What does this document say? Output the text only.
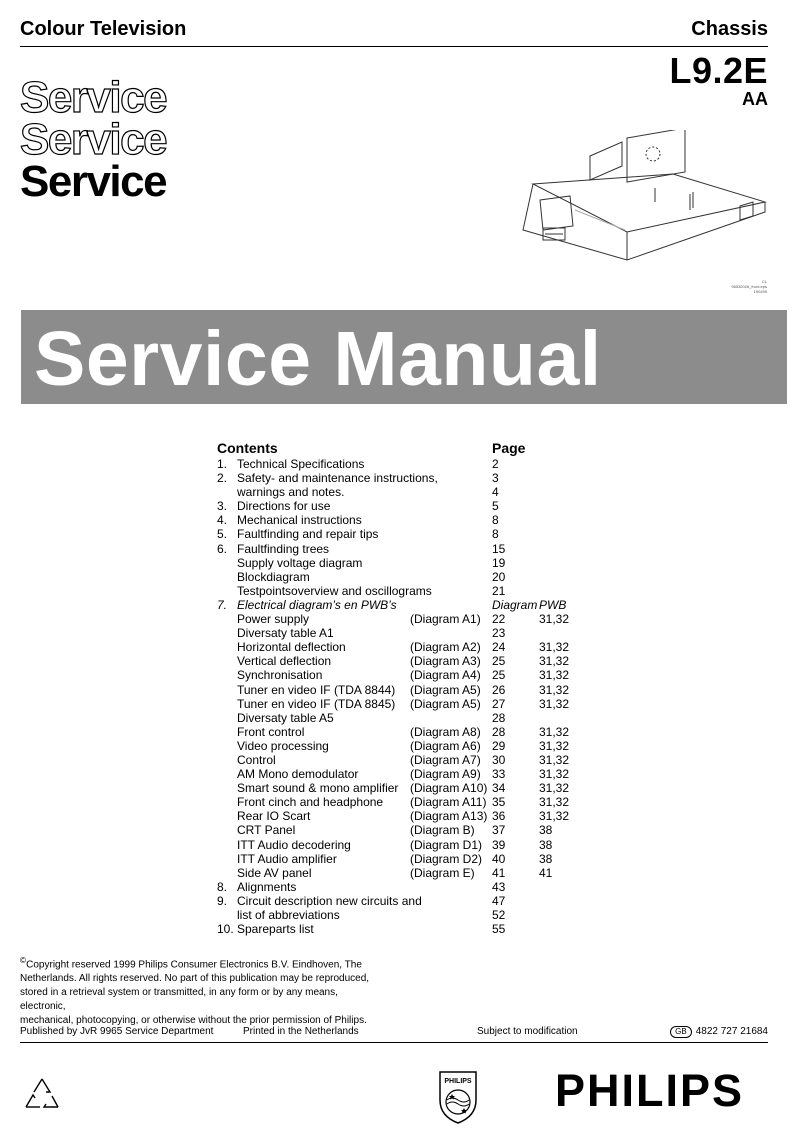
Colour Television	Chassis
L9.2E
AA
Service
Service
Service
CL 96532026_front.eps 190499
Service Manual
Contents	Page
1. Technical Specifications	2
2. Safety- and maintenance instructions,	3
warnings and notes.	4
3. Directions for use	5
4. Mechanical instructions	8
5. Faultfinding and repair tips	8
6. Faultfinding trees	15
Supply voltage diagram	19
Blockdiagram	20
Testpointsoverview and oscillograms	21
7. Electrical diagram’s en PWB’s	Diagram PWB
Power supply	(Diagram A1) 22	31,32
Diversaty table A1	23
Horizontal deflection	(Diagram A2) 24	31,32
Vertical deflection	(Diagram A3) 25	31,32
Synchronisation	(Diagram A4) 25	31,32
Tuner en video IF (TDA 8844) (Diagram A5) 26	31,32
Tuner en video IF (TDA 8845) (Diagram A5) 27	31,32
Diversaty table A5	28
Front control	(Diagram A8) 28	31,32
Video processing	(Diagram A6) 29	31,32
Control	(Diagram A7) 30	31,32
AM Mono demodulator	(Diagram A9) 33	31,32
Smart sound & mono amplifier (Diagram A10) 34	31,32
Front cinch and headphone (Diagram A11) 35	31,32
Rear IO Scart	(Diagram A13) 36	31,32
CRT Panel	(Diagram B) 37	38
ITT Audio decodering	(Diagram D1) 39	38
ITT Audio amplifier	(Diagram D2) 40	38
Side AV panel	(Diagram E) 41	41
8. Alignments	43
9. Circuit description new circuits and	47
list of abbreviations	52
10. Spareparts list	55
©Copyright reserved 1999 Philips Consumer Electronics B.V. Eindhoven, The
Netherlands. All rights reserved. No part of this publication may be reproduced,
stored in a retrieval system or transmitted, in any form or by any means, electronic,
mechanical, photocopying, or otherwise without the prior permission of Philips.
Published by JvR 9965 Service Department	Printed in the Netherlands	Subject to modification	GB 4822 727 21684
PHILIPS PHILIPS
